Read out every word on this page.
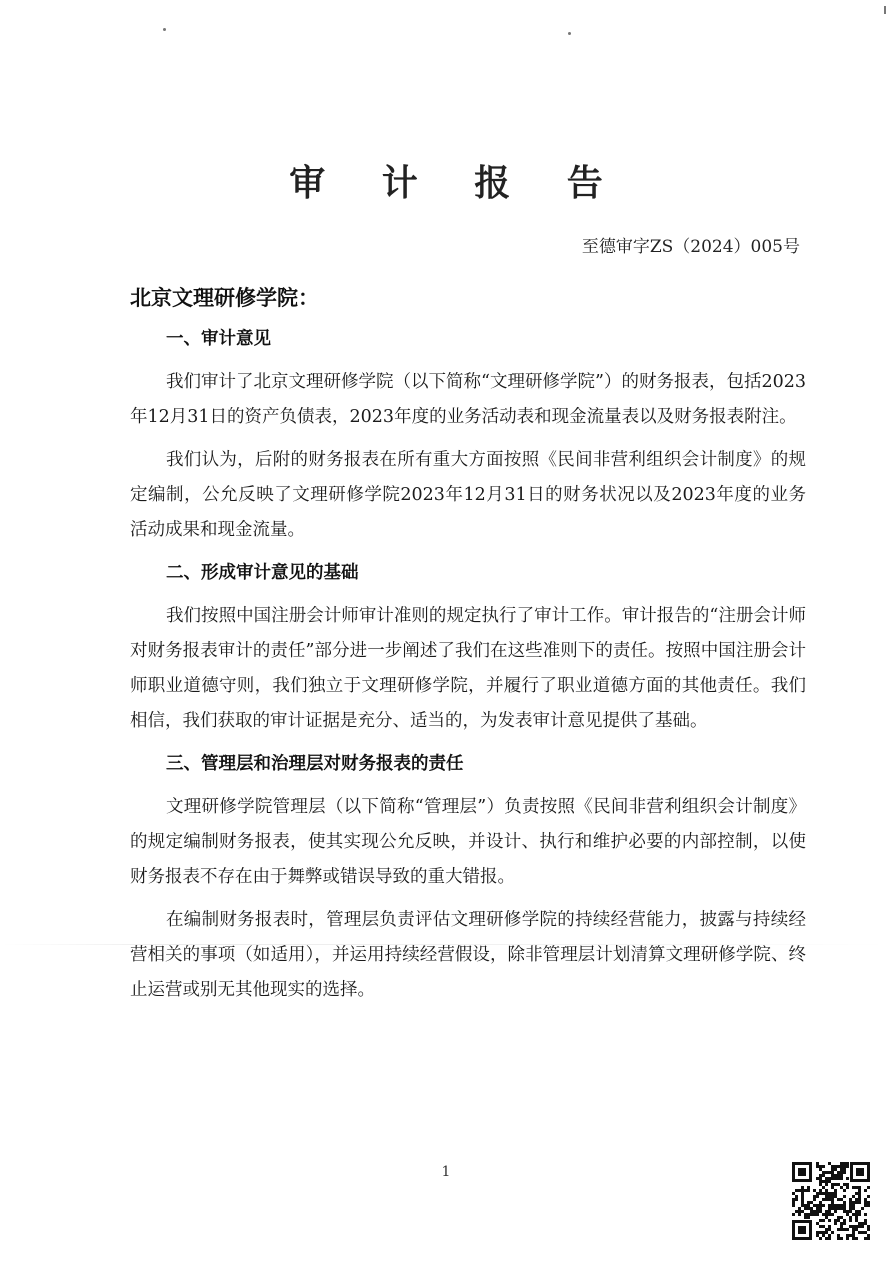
审 计 报 告
至德审字ZS（2024）005号
北京文理研修学院：
一、审计意见
我们审计了北京文理研修学院（以下简称“文理研修学院”）的财务报表，包括2023年12月31日的资产负债表，2023年度的业务活动表和现金流量表以及财务报表附注。
我们认为，后附的财务报表在所有重大方面按照《民间非营利组织会计制度》的规定编制，公允反映了文理研修学院2023年12月31日的财务状况以及2023年度的业务活动成果和现金流量。
二、形成审计意见的基础
我们按照中国注册会计师审计准则的规定执行了审计工作。审计报告的“注册会计师对财务报表审计的责任”部分进一步阐述了我们在这些准则下的责任。按照中国注册会计师职业道德守则，我们独立于文理研修学院，并履行了职业道德方面的其他责任。我们相信，我们获取的审计证据是充分、适当的，为发表审计意见提供了基础。
三、管理层和治理层对财务报表的责任
文理研修学院管理层（以下简称“管理层”）负责按照《民间非营利组织会计制度》的规定编制财务报表，使其实现公允反映，并设计、执行和维护必要的内部控制，以使财务报表不存在由于舞弊或错误导致的重大错报。
在编制财务报表时，管理层负责评估文理研修学院的持续经营能力，披露与持续经营相关的事项（如适用），并运用持续经营假设，除非管理层计划清算文理研修学院、终止运营或别无其他现实的选择。
1
